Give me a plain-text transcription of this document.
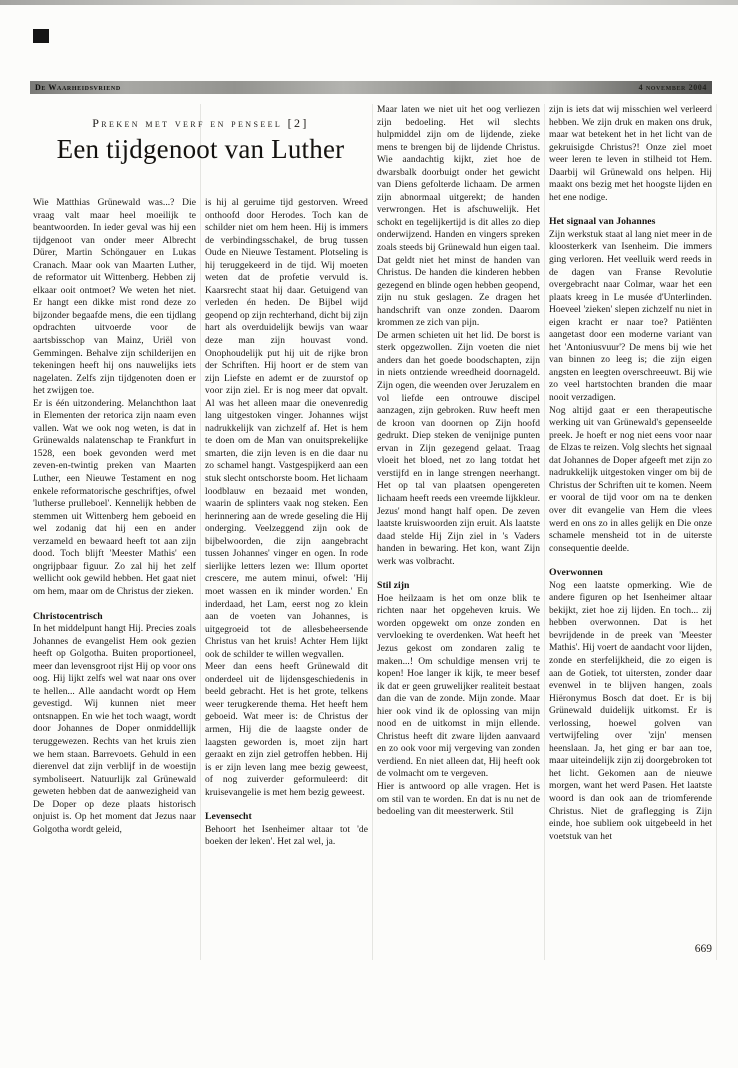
De Waarheidsvriend	4 november 2004
Preken met verf en penseel [2]
Een tijdgenoot van Luther

Wie Matthias Grünewald was...? Die vraag valt maar heel moeilijk te beantwoorden. In ieder geval was hij een tijdgenoot van onder meer Albrecht Dürer, Martin Schöngauer en Lukas Cranach. Maar ook van Maarten Luther, de reformator uit Wittenberg. Hebben zij elkaar ooit ontmoet? We weten het niet. Er hangt een dikke mist rond deze zo bijzonder begaafde mens, die een tijdlang opdrachten uitvoerde voor de aartsbisschop van Mainz, Uriël von Gemmingen. Behalve zijn schilderijen en tekeningen heeft hij ons nauwelijks iets nagelaten. Zelfs zijn tijdgenoten doen er het zwijgen toe.

Er is één uitzondering. Melanchthon laat in Elementen der retorica zijn naam even vallen. Wat we ook nog weten, is dat in Grünewalds nalatenschap te Frankfurt in 1528, een boek gevonden werd met zeven-en-twintig preken van Maarten Luther, een Nieuwe Testament en nog enkele reformatorische geschriftjes, ofwel 'lutherse prulleboel'. Kennelijk hebben de stemmen uit Wittenberg hem geboeid en wel zodanig dat hij een en ander verzameld en bewaard heeft tot aan zijn dood. Toch blijft 'Meester Mathis' een ongrijpbaar figuur. Zo zal hij het zelf wellicht ook gewild hebben. Het gaat niet om hem, maar om de Christus der zieken.

Christocentrisch

In het middelpunt hangt Hij. Precies zoals Johannes de evangelist Hem ook gezien heeft op Golgotha. Buiten proportioneel, meer dan levensgroot rijst Hij op voor ons oog. Hij lijkt zelfs wel wat naar ons over te hellen... Alle aandacht wordt op Hem gevestigd. Wij kunnen niet meer ontsnappen. En wie het toch waagt, wordt door Johannes de Doper onmiddellijk teruggewezen. Rechts van het kruis zien we hem staan. Barrevoets. Gehuld in een dierenvel dat zijn verblijf in de woestijn symboliseert. Natuurlijk zal Grünewald geweten hebben dat de aanwezigheid van De Doper op deze plaats historisch onjuist is. Op het moment dat Jezus naar Golgotha wordt geleid,

is hij al geruime tijd gestorven. Wreed onthoofd door Herodes. Toch kan de schilder niet om hem heen. Hij is immers de verbindingsschakel, de brug tussen Oude en Nieuwe Testament. Plotseling is hij teruggekeerd in de tijd. Wij moeten weten dat de profetie vervuld is. Kaarsrecht staat hij daar. Getuigend van verleden én heden. De Bijbel wijd geopend op zijn rechterhand, dicht bij zijn hart als overduidelijk bewijs van waar deze man zijn houvast vond. Onophoudelijk put hij uit de rijke bron der Schriften. Hij hoort er de stem van zijn Liefste en ademt er de zuurstof op voor zijn ziel. Er is nog meer dat opvalt. Al was het alleen maar die onevenredig lang uitgestoken vinger. Johannes wijst nadrukkelijk van zichzelf af. Het is hem te doen om de Man van onuitsprekelijke smarten, die zijn leven is en die daar nu zo schamel hangt. Vastgespijkerd aan een stuk slecht ontschorste boom. Het lichaam loodblauw en bezaaid met wonden, waarin de splinters vaak nog steken. Een herinnering aan de wrede geseling die Hij onderging. Veelzeggend zijn ook de bijbelwoorden, die zijn aangebracht tussen Johannes' vinger en ogen. In rode sierlijke letters lezen we: Illum oportet crescere, me autem minui, ofwel: 'Hij moet wassen en ik minder worden.' En inderdaad, het Lam, eerst nog zo klein aan de voeten van Johannes, is uitgegroeid tot de allesbeheersende Christus van het kruis! Achter Hem lijkt ook de schilder te willen wegvallen.

Meer dan eens heeft Grünewald dit onderdeel uit de lijdensgeschiedenis in beeld gebracht. Het is het grote, telkens weer terugkerende thema. Het heeft hem geboeid. Wat meer is: de Christus der armen, Hij die de laagste onder de laagsten geworden is, moet zijn hart geraakt en zijn ziel getroffen hebben. Hij is er zijn leven lang mee bezig geweest, of nog zuiverder geformuleerd: dit kruisevangelie is met hem bezig geweest.

Levensecht

Behoort het Isenheimer altaar tot 'de boeken der leken'. Het zal wel, ja.

Maar laten we niet uit het oog verliezen zijn bedoeling. Het wil slechts hulpmiddel zijn om de lijdende, zieke mens te brengen bij de lijdende Christus. Wie aandachtig kijkt, ziet hoe de dwarsbalk doorbuigt onder het gewicht van Diens gefolterde lichaam. De armen zijn abnormaal uitgerekt; de handen verwrongen. Het is afschuwelijk. Het schokt en tegelijkertijd is dit alles zo diep onderwijzend. Handen en vingers spreken zoals steeds bij Grünewald hun eigen taal. Dat geldt niet het minst de handen van Christus. De handen die kinderen hebben gezegend en blinde ogen hebben geopend, zijn nu stuk geslagen. Ze dragen het handschrift van onze zonden. Daarom krommen ze zich van pijn.

De armen schieten uit het lid. De borst is sterk opgezwollen. Zijn voeten die niet anders dan het goede boodschapten, zijn in niets ontziende wreedheid doornageld. Zijn ogen, die weenden over Jeruzalem en vol liefde een ontrouwe discipel aanzagen, zijn gebroken. Ruw heeft men de kroon van doornen op Zijn hoofd gedrukt. Diep steken de venijnige punten ervan in Zijn gezegend gelaat. Traag vloeit het bloed, net zo lang totdat het verstijfd en in lange strengen neerhangt. Het op tal van plaatsen opengereten lichaam heeft reeds een vreemde lijkkleur. Jezus' mond hangt half open. De zeven laatste kruiswoorden zijn eruit. Als laatste daad stelde Hij Zijn ziel in 's Vaders handen in bewaring. Het kon, want Zijn werk was volbracht.

Stil zijn

Hoe heilzaam is het om onze blik te richten naar het opgeheven kruis. We worden opgewekt om onze zonden en vervloeking te overdenken. Wat heeft het Jezus gekost om zondaren zalig te maken...! Om schuldige mensen vrij te kopen! Hoe langer ik kijk, te meer besef ik dat er geen gruwelijker realiteit bestaat dan die van de zonde. Mijn zonde. Maar hier ook vind ik de oplossing van mijn nood en de uitkomst in mijn ellende. Christus heeft dit zware lijden aanvaard en zo ook voor mij vergeving van zonden verdiend. En niet alleen dat, Hij heeft ook de volmacht om te vergeven.

Hier is antwoord op alle vragen. Het is om stil van te worden. En dat is nu net de bedoeling van dit meesterwerk. Stil

zijn is iets dat wij misschien wel verleerd hebben. We zijn druk en maken ons druk, maar wat betekent het in het licht van de gekruisigde Christus?! Onze ziel moet weer leren te leven in stilheid tot Hem. Daarbij wil Grünewald ons helpen. Hij maakt ons bezig met het hoogste lijden en het ene nodige.

Het signaal van Johannes

Zijn werkstuk staat al lang niet meer in de kloosterkerk van Isenheim. Die immers ging verloren. Het veelluik werd reeds in de dagen van Franse Revolutie overgebracht naar Colmar, waar het een plaats kreeg in Le musée d'Unterlinden. Hoeveel 'zieken' slepen zichzelf nu niet in eigen kracht er naar toe? Patiënten aangetast door een moderne variant van het 'Antoniusvuur'? De mens bij wie het van binnen zo leeg is; die zijn eigen angsten en leegten overschreeuwt. Bij wie zo veel hartstochten branden die maar nooit verzadigen.

Nog altijd gaat er een therapeutische werking uit van Grünewald's gepenseelde preek. Je hoeft er nog niet eens voor naar de Elzas te reizen. Volg slechts het signaal dat Johannes de Doper afgeeft met zijn zo nadrukkelijk uitgestoken vinger om bij de Christus der Schriften uit te komen. Neem er vooral de tijd voor om na te denken over dit evangelie van Hem die vlees werd en ons zo in alles gelijk en Die onze schamele mensheid tot in de uiterste consequentie deelde.

Overwonnen

Nog een laatste opmerking. Wie de andere figuren op het Isenheimer altaar bekijkt, ziet hoe zij lijden. En toch... zij hebben overwonnen. Dat is het bevrijdende in de preek van 'Meester Mathis'. Hij voert de aandacht voor lijden, zonde en sterfelijkheid, die zo eigen is aan de Gotiek, tot uitersten, zonder daar evenwel in te blijven hangen, zoals Hiëronymus Bosch dat doet. Er is bij Grünewald duidelijk uitkomst. Er is verlossing, hoewel golven van vertwijfeling over 'zijn' mensen heenslaan. Ja, het ging er bar aan toe, maar uiteindelijk zijn zij doorgebroken tot het licht. Gekomen aan de nieuwe morgen, want het werd Pasen. Het laatste woord is dan ook aan de triomferende Christus. Niet de graflegging is Zijn einde, hoe subliem ook uitgebeeld in het voetstuk van het

669
